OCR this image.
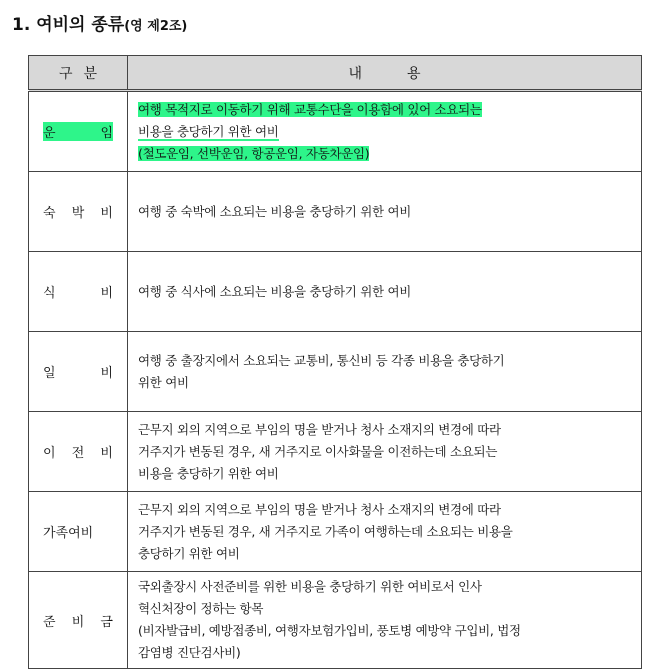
1. 여비의 종류(영 제2조)
구 분	내 용

운   임	여행 목적지로 이동하기 위해 교통수단을 이용함에 있어 소요되는
비용을 충당하기 위한 여비
(철도운임, 선박운임, 항공운임, 자동차운임)

숙 박 비	여행 중 숙박에 소요되는 비용을 충당하기 위한 여비

식   비	여행 중 식사에 소요되는 비용을 충당하기 위한 여비

일   비	여행 중 출장지에서 소요되는 교통비, 통신비 등 각종 비용을 충당하기
위한 여비

이 전 비	근무지 외의 지역으로 부임의 명을 받거나 청사 소재지의 변경에 따라
거주지가 변동된 경우, 새 거주지로 이사화물을 이전하는데 소요되는
비용을 충당하기 위한 여비

가족여비	근무지 외의 지역으로 부임의 명을 받거나 청사 소재지의 변경에 따라
거주지가 변동된 경우, 새 거주지로 가족이 여행하는데 소요되는 비용을
충당하기 위한 여비

준 비 금	국외출장시 사전준비를 위한 비용을 충당하기 위한 여비로서 인사
혁신처장이 정하는 항목
(비자발급비, 예방접종비, 여행자보험가입비, 풍토병 예방약 구입비, 법정
감염병 진단검사비)
